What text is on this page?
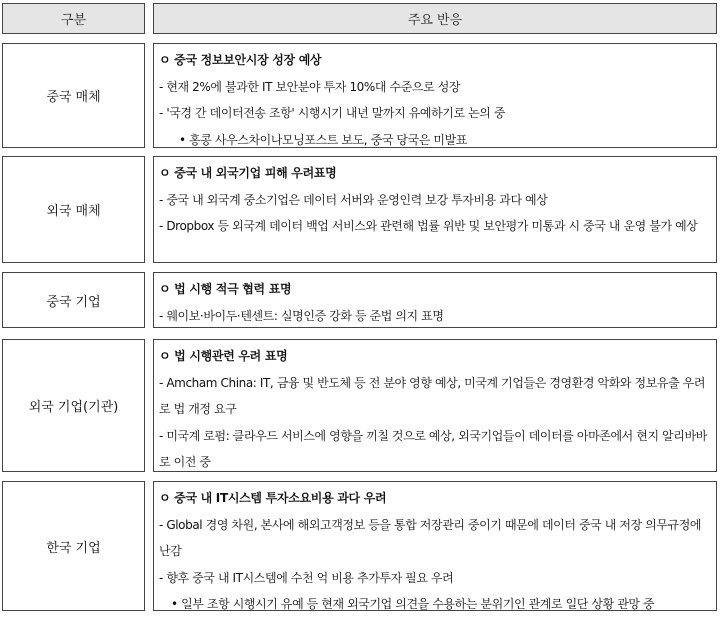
구분	주요 반응
중국 매체
ㅇ 중국 정보보안시장 성장 예상
- 현재 2%에 불과한 IT 보안분야 투자 10%대 수준으로 성장
- '국경 간 데이터전송 조항' 시행시기 내년 말까지 유예하기로 논의 중
• 홍콩 사우스차이나모닝포스트 보도, 중국 당국은 미발표
외국 매체
ㅇ 중국 내 외국기업 피해 우려표명
- 중국 내 외국계 중소기업은 데이터 서버와 운영인력 보강 투자비용 과다 예상
- Dropbox 등 외국계 데이터 백업 서비스와 관련해 법률 위반 및 보안평가 미통과 시 중국 내 운영 불가 예상
중국 기업
ㅇ 법 시행 적극 협력 표명
- 웨이보·바이두·텐센트: 실명인증 강화 등 준법 의지 표명
외국 기업(기관)
ㅇ 법 시행관련 우려 표명
- Amcham China: IT, 금융 및 반도체 등 전 분야 영향 예상, 미국계 기업들은 경영환경 악화와 정보유출 우려로 법 개정 요구
- 미국계 로펌: 클라우드 서비스에 영향을 끼칠 것으로 예상, 외국기업들이 데이터를 아마존에서 현지 알리바바로 이전 중
한국 기업
ㅇ 중국 내 IT시스템 투자소요비용 과다 우려
- Global 경영 차원, 본사에 해외고객정보 등을 통합 저장관리 중이기 때문에 데이터 중국 내 저장 의무규정에 난감
- 향후 중국 내 IT시스템에 수천 억 비용 추가투자 필요 우려
• 일부 조항 시행시기 유예 등 현재 외국기업 의견을 수용하는 분위기인 관계로 일단 상황 관망 중
